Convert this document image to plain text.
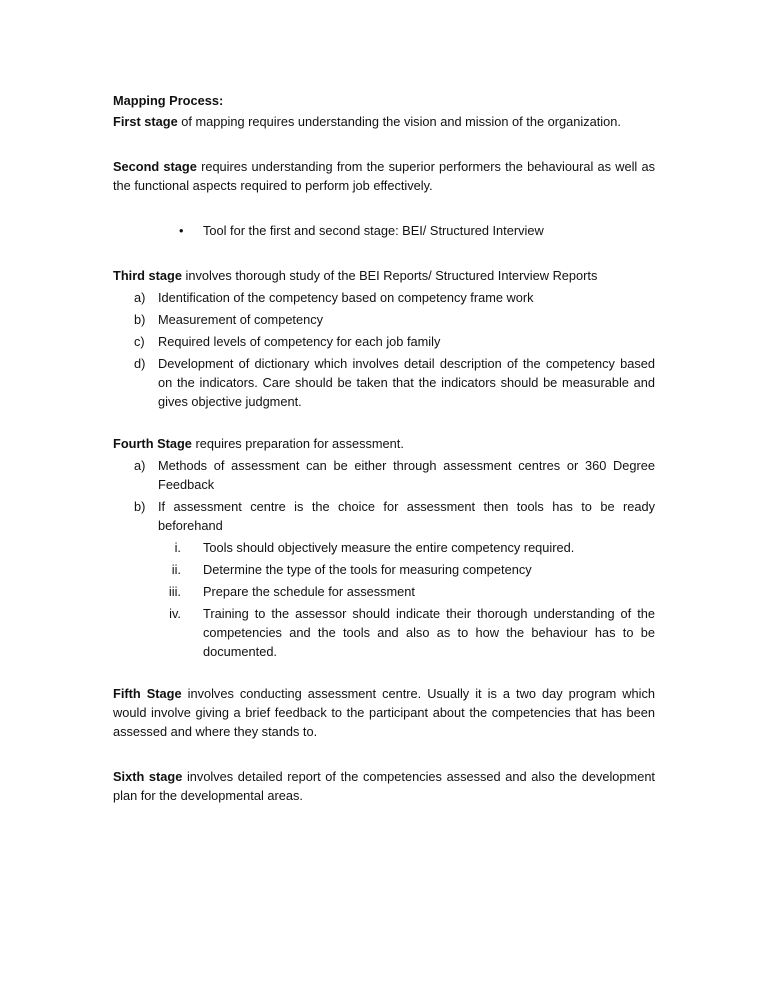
Mapping Process:

First stage of mapping requires understanding the vision and mission of the organization.

Second stage requires understanding from the superior performers the behavioural as well as the functional aspects required to perform job effectively.

• Tool for the first and second stage: BEI/ Structured Interview

Third stage involves thorough study of the BEI Reports/ Structured Interview Reports

a) Identification of the competency based on competency frame work
b) Measurement of competency
c) Required levels of competency for each job family
d) Development of dictionary which involves detail description of the competency based on the indicators. Care should be taken that the indicators should be measurable and gives objective judgment.

Fourth Stage requires preparation for assessment.

a) Methods of assessment can be either through assessment centres or 360 Degree Feedback
b) If assessment centre is the choice for assessment then tools has to be ready beforehand
i. Tools should objectively measure the entire competency required.
ii. Determine the type of the tools for measuring competency
iii. Prepare the schedule for assessment
iv. Training to the assessor should indicate their thorough understanding of the competencies and the tools and also as to how the behaviour has to be documented.

Fifth Stage involves conducting assessment centre. Usually it is a two day program which would involve giving a brief feedback to the participant about the competencies that has been assessed and where they stands to.

Sixth stage involves detailed report of the competencies assessed and also the development plan for the developmental areas.
